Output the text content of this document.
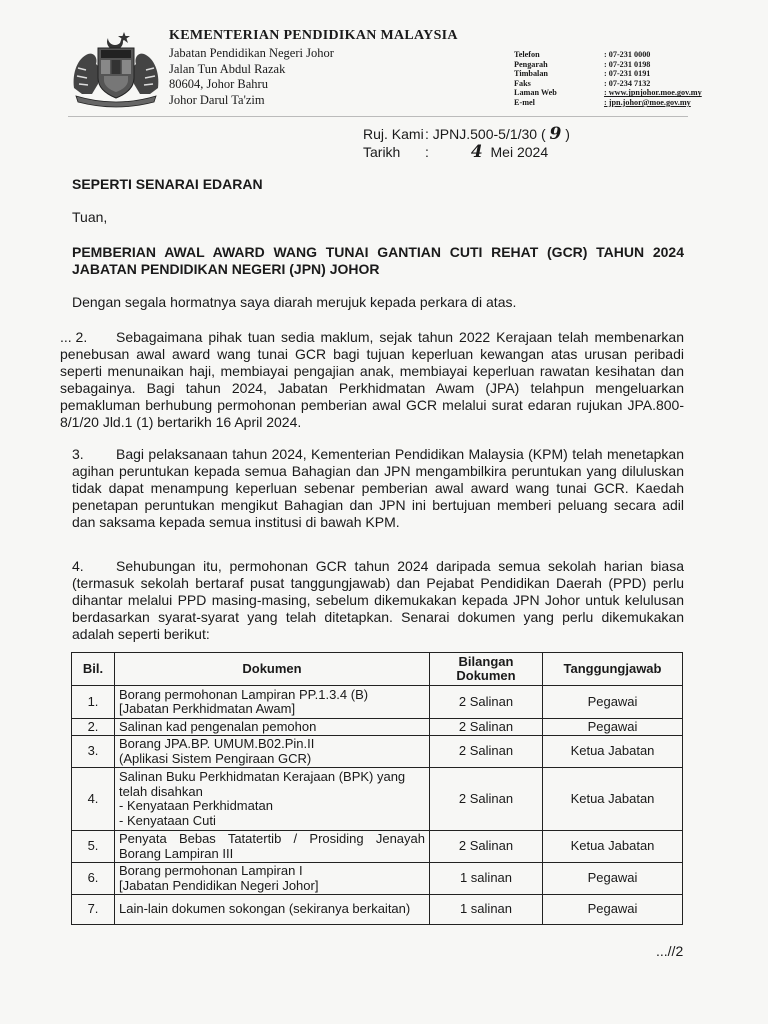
KEMENTERIAN PENDIDIKAN MALAYSIA
Jabatan Pendidikan Negeri Johor
Jalan Tun Abdul Razak
80604, Johor Bahru
Johor Darul Ta'zim
Telefon	: 07-231 0000
Pengarah	: 07-231 0198
Timbalan	: 07-231 0191
Faks	: 07-234 7132
Laman Web	: www.jpnjohor.moe.gov.my
E-mel	: jpn.johor@moe.gov.my
Ruj. Kami : JPNJ.500-5/1/30 (
9
)
Tarikh	: 4
Mei 2024
SEPERTI SENARAI EDARAN
Tuan,
PEMBERIAN AWAL AWARD WANG TUNAI GANTIAN CUTI REHAT (GCR) TAHUN 2024 JABATAN PENDIDIKAN NEGERI (JPN) JOHOR
Dengan segala hormatnya saya diarah merujuk kepada perkara di atas.
... 2. Sebagaimana pihak tuan sedia maklum, sejak tahun 2022 Kerajaan telah membenarkan penebusan awal award wang tunai GCR bagi tujuan keperluan kewangan atas urusan peribadi seperti menunaikan haji, membiayai pengajian anak, membiayai keperluan rawatan kesihatan dan sebagainya. Bagi tahun 2024, Jabatan Perkhidmatan Awam (JPA) telahpun mengeluarkan pemakluman berhubung permohonan pemberian awal GCR melalui surat edaran rujukan JPA.800-8/1/20 Jld.1 (1) bertarikh 16 April 2024.
3. Bagi pelaksanaan tahun 2024, Kementerian Pendidikan Malaysia (KPM) telah menetapkan agihan peruntukan kepada semua Bahagian dan JPN mengambilkira peruntukan yang diluluskan tidak dapat menampung keperluan sebenar pemberian awal award wang tunai GCR. Kaedah penetapan peruntukan mengikut Bahagian dan JPN ini bertujuan memberi peluang secara adil dan saksama kepada semua institusi di bawah KPM.
4. Sehubungan itu, permohonan GCR tahun 2024 daripada semua sekolah harian biasa (termasuk sekolah bertaraf pusat tanggungjawab) dan Pejabat Pendidikan Daerah (PPD) perlu dihantar melalui PPD masing-masing, sebelum dikemukakan kepada JPN Johor untuk kelulusan berdasarkan syarat-syarat yang telah ditetapkan. Senarai dokumen yang perlu dikemukakan adalah seperti berikut:
Bil.	Dokumen	Bilangan Dokumen	Tanggungjawab
1.	Borang permohonan Lampiran PP.1.3.4 (B)
[Jabatan Perkhidmatan Awam]	2 Salinan	Pegawai
2.	Salinan kad pengenalan pemohon	2 Salinan	Pegawai
3.	Borang JPA.BP. UMUM.B02.Pin.II
(Aplikasi Sistem Pengiraan GCR)	2 Salinan	Ketua Jabatan
4.	Salinan Buku Perkhidmatan Kerajaan (BPK) yang telah disahkan
- Kenyataan Perkhidmatan
- Kenyataan Cuti	2 Salinan	Ketua Jabatan
5.	Penyata Bebas Tatatertib / Prosiding Jenayah Borang Lampiran III	2 Salinan	Ketua Jabatan
6.	Borang permohonan Lampiran I
[Jabatan Pendidikan Negeri Johor]	1 salinan	Pegawai
7.	Lain-lain dokumen sokongan (sekiranya berkaitan)	1 salinan	Pegawai
...//2
